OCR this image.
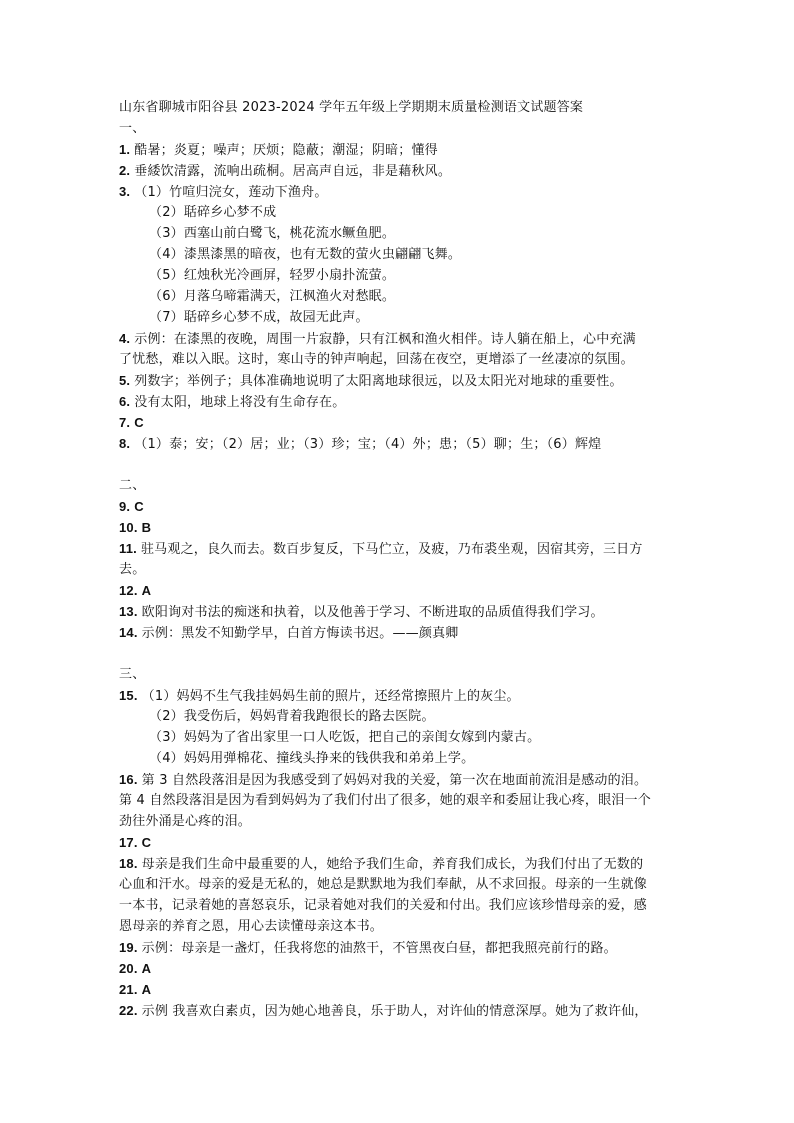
山东省聊城市阳谷县 2023-2024 学年五年级上学期期末质量检测语文试题答案
一、
1. 酷暑；炎夏；噪声；厌烦；隐蔽；潮湿；阴暗；懂得
2. 垂緌饮清露，流响出疏桐。居高声自远，非是藉秋风。
3. （1）竹喧归浣女，莲动下渔舟。
（2）聒碎乡心梦不成
（3）西塞山前白鹭飞，桃花流水鳜鱼肥。
（4）漆黑漆黑的暗夜，也有无数的萤火虫翩翩飞舞。
（5）红烛秋光冷画屏，轻罗小扇扑流萤。
（6）月落乌啼霜满天，江枫渔火对愁眠。
（7）聒碎乡心梦不成，故园无此声。
4. 示例：在漆黑的夜晚，周围一片寂静，只有江枫和渔火相伴。诗人躺在船上，心中充满
了忧愁，难以入眠。这时，寒山寺的钟声响起，回荡在夜空，更增添了一丝凄凉的氛围。
5. 列数字；举例子；具体准确地说明了太阳离地球很远，以及太阳光对地球的重要性。
6. 没有太阳，地球上将没有生命存在。
7. C
8. （1）泰；安；（2）居；业；（3）珍；宝；（4）外；患；（5）聊；生；（6）辉煌
二、
9. C
10. B
11. 驻马观之，良久而去。数百步复反，下马伫立，及疲，乃布裘坐观，因宿其旁，三日方
去。
12. A
13. 欧阳询对书法的痴迷和执着，以及他善于学习、不断进取的品质值得我们学习。
14. 示例：黑发不知勤学早，白首方悔读书迟。——颜真卿
三、
15. （1）妈妈不生气我挂妈妈生前的照片，还经常擦照片上的灰尘。
（2）我受伤后，妈妈背着我跑很长的路去医院。
（3）妈妈为了省出家里一口人吃饭，把自己的亲闺女嫁到内蒙古。
（4）妈妈用弹棉花、撞线头挣来的钱供我和弟弟上学。
16. 第 3 自然段落泪是因为我感受到了妈妈对我的关爱，第一次在地面前流泪是感动的泪。
第 4 自然段落泪是因为看到妈妈为了我们付出了很多，她的艰辛和委屈让我心疼，眼泪一个
劲往外涌是心疼的泪。
17. C
18. 母亲是我们生命中最重要的人，她给予我们生命，养育我们成长，为我们付出了无数的
心血和汗水。母亲的爱是无私的，她总是默默地为我们奉献，从不求回报。母亲的一生就像
一本书，记录着她的喜怒哀乐，记录着她对我们的关爱和付出。我们应该珍惜母亲的爱，感
恩母亲的养育之恩，用心去读懂母亲这本书。
19. 示例：母亲是一盏灯，任我将您的油熬干，不管黑夜白昼，都把我照亮前行的路。
20. A
21. A
22. 示例 我喜欢白素贞，因为她心地善良，乐于助人，对许仙的情意深厚。她为了救许仙，
